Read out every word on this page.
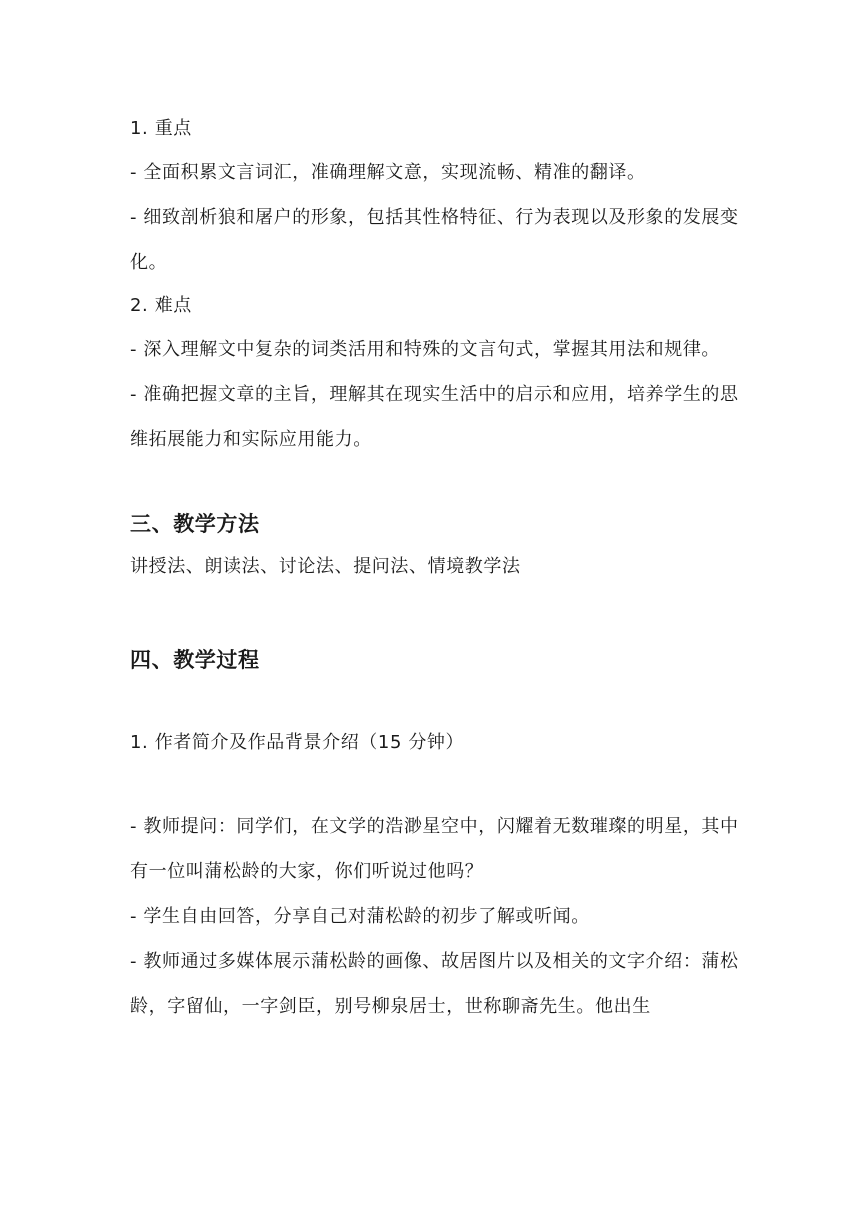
1. 重点

- 全面积累文言词汇，准确理解文意，实现流畅、精准的翻译。

- 细致剖析狼和屠户的形象，包括其性格特征、行为表现以及形象的发展变化。

2. 难点

- 深入理解文中复杂的词类活用和特殊的文言句式，掌握其用法和规律。

- 准确把握文章的主旨，理解其在现实生活中的启示和应用，培养学生的思维拓展能力和实际应用能力。

三、教学方法

讲授法、朗读法、讨论法、提问法、情境教学法

四、教学过程

1. 作者简介及作品背景介绍（15 分钟）

- 教师提问：同学们，在文学的浩渺星空中，闪耀着无数璀璨的明星，其中有一位叫蒲松龄的大家，你们听说过他吗？

- 学生自由回答，分享自己对蒲松龄的初步了解或听闻。

- 教师通过多媒体展示蒲松龄的画像、故居图片以及相关的文字介绍：蒲松龄，字留仙，一字剑臣，别号柳泉居士，世称聊斋先生。他出生
